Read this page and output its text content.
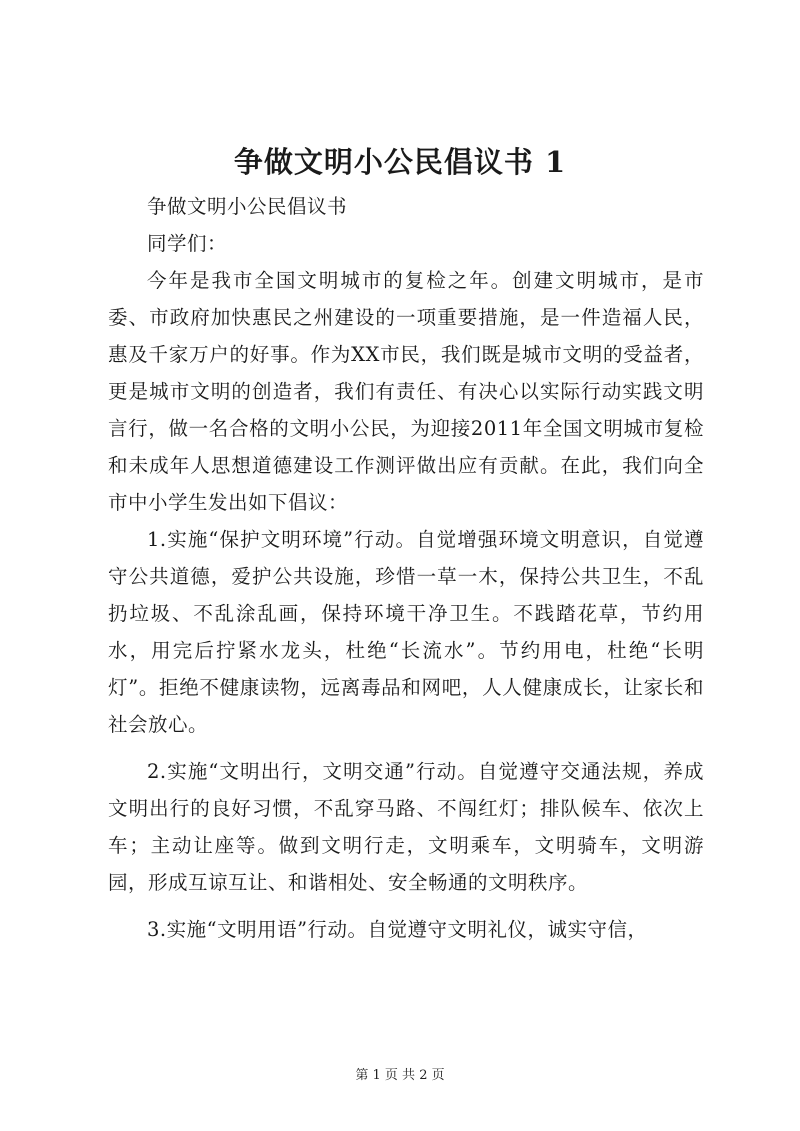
争做文明小公民倡议书 1

争做文明小公民倡议书

同学们：

今年是我市全国文明城市的复检之年。创建文明城市，是市委、市政府加快惠民之州建设的一项重要措施，是一件造福人民，惠及千家万户的好事。作为XX市民，我们既是城市文明的受益者，更是城市文明的创造者，我们有责任、有决心以实际行动实践文明言行，做一名合格的文明小公民，为迎接2011年全国文明城市复检和未成年人思想道德建设工作测评做出应有贡献。在此，我们向全市中小学生发出如下倡议：

1.实施“保护文明环境”行动。自觉增强环境文明意识，自觉遵守公共道德，爱护公共设施，珍惜一草一木，保持公共卫生，不乱扔垃圾、不乱涂乱画，保持环境干净卫生。不践踏花草，节约用水，用完后拧紧水龙头，杜绝“长流水”。节约用电，杜绝“长明灯”。拒绝不健康读物，远离毒品和网吧，人人健康成长，让家长和社会放心。

2.实施“文明出行，文明交通”行动。自觉遵守交通法规，养成文明出行的良好习惯，不乱穿马路、不闯红灯；排队候车、依次上车；主动让座等。做到文明行走，文明乘车，文明骑车，文明游园，形成互谅互让、和谐相处、安全畅通的文明秩序。

3.实施“文明用语”行动。自觉遵守文明礼仪，诚实守信，

第 1 页 共 2 页
